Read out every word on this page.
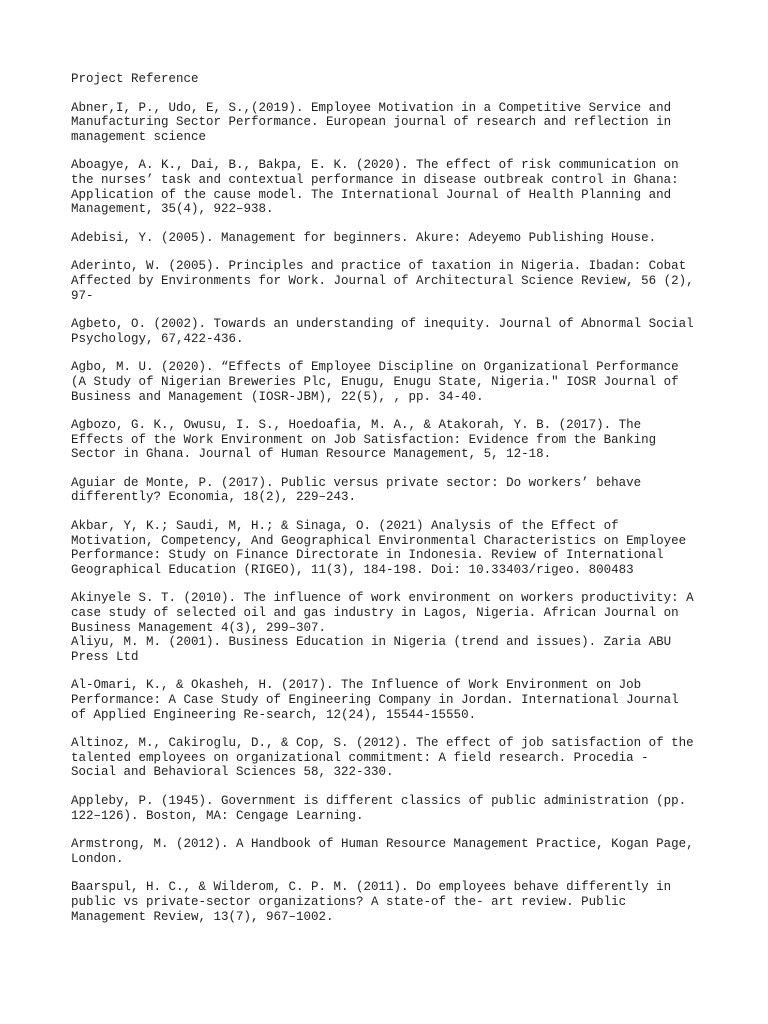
Project Reference

Abner,I, P., Udo, E, S.,(2019). Employee Motivation in a Competitive Service and
Manufacturing Sector Performance. European journal of research and reflection in
management science
Aboagye, A. K., Dai, B., Bakpa, E. K. (2020). The effect of risk communication on
the nurses’ task and contextual performance in disease outbreak control in Ghana:
Application of the cause model. The International Journal of Health Planning and
Management, 35(4), 922–938.
Adebisi, Y. (2005). Management for beginners. Akure: Adeyemo Publishing House.
Aderinto, W. (2005). Principles and practice of taxation in Nigeria. Ibadan: Cobat
Affected by Environments for Work. Journal of Architectural Science Review, 56 (2),
97-
Agbeto, O. (2002). Towards an understanding of inequity. Journal of Abnormal Social
Psychology, 67,422-436.
Agbo, M. U. (2020). “Effects of Employee Discipline on Organizational Performance
(A Study of Nigerian Breweries Plc, Enugu, Enugu State, Nigeria." IOSR Journal of
Business and Management (IOSR-JBM), 22(5), , pp. 34-40.
Agbozo, G. K., Owusu, I. S., Hoedoafia, M. A., & Atakorah, Y. B. (2017). The
Effects of the Work Environment on Job Satisfaction: Evidence from the Banking
Sector in Ghana. Journal of Human Resource Management, 5, 12-18.
Aguiar de Monte, P. (2017). Public versus private sector: Do workers’ behave
differently? Economia, 18(2), 229–243.
Akbar, Y, K.; Saudi, M, H.; & Sinaga, O. (2021) Analysis of the Effect of
Motivation, Competency, And Geographical Environmental Characteristics on Employee
Performance: Study on Finance Directorate in Indonesia. Review of International
Geographical Education (RIGEO), 11(3), 184-198. Doi: 10.33403/rigeo. 800483
Akinyele S. T. (2010). The influence of work environment on workers productivity: A
case study of selected oil and gas industry in Lagos, Nigeria. African Journal on
Business Management 4(3), 299–307.
Aliyu, M. M. (2001). Business Education in Nigeria (trend and issues). Zaria ABU
Press Ltd
Al-Omari, K., & Okasheh, H. (2017). The Influence of Work Environment on Job
Performance: A Case Study of Engineering Company in Jordan. International Journal
of Applied Engineering Re-search, 12(24), 15544-15550.
Altinoz, M., Cakiroglu, D., & Cop, S. (2012). The effect of job satisfaction of the
talented employees on organizational commitment: A field research. Procedia -
Social and Behavioral Sciences 58, 322-330.
Appleby, P. (1945). Government is different classics of public administration (pp.
122–126). Boston, MA: Cengage Learning.
Armstrong, M. (2012). A Handbook of Human Resource Management Practice, Kogan Page,
London.
Baarspul, H. C., & Wilderom, C. P. M. (2011). Do employees behave differently in
public vs private-sector organizations? A state-of the- art review. Public
Management Review, 13(7), 967–1002.
